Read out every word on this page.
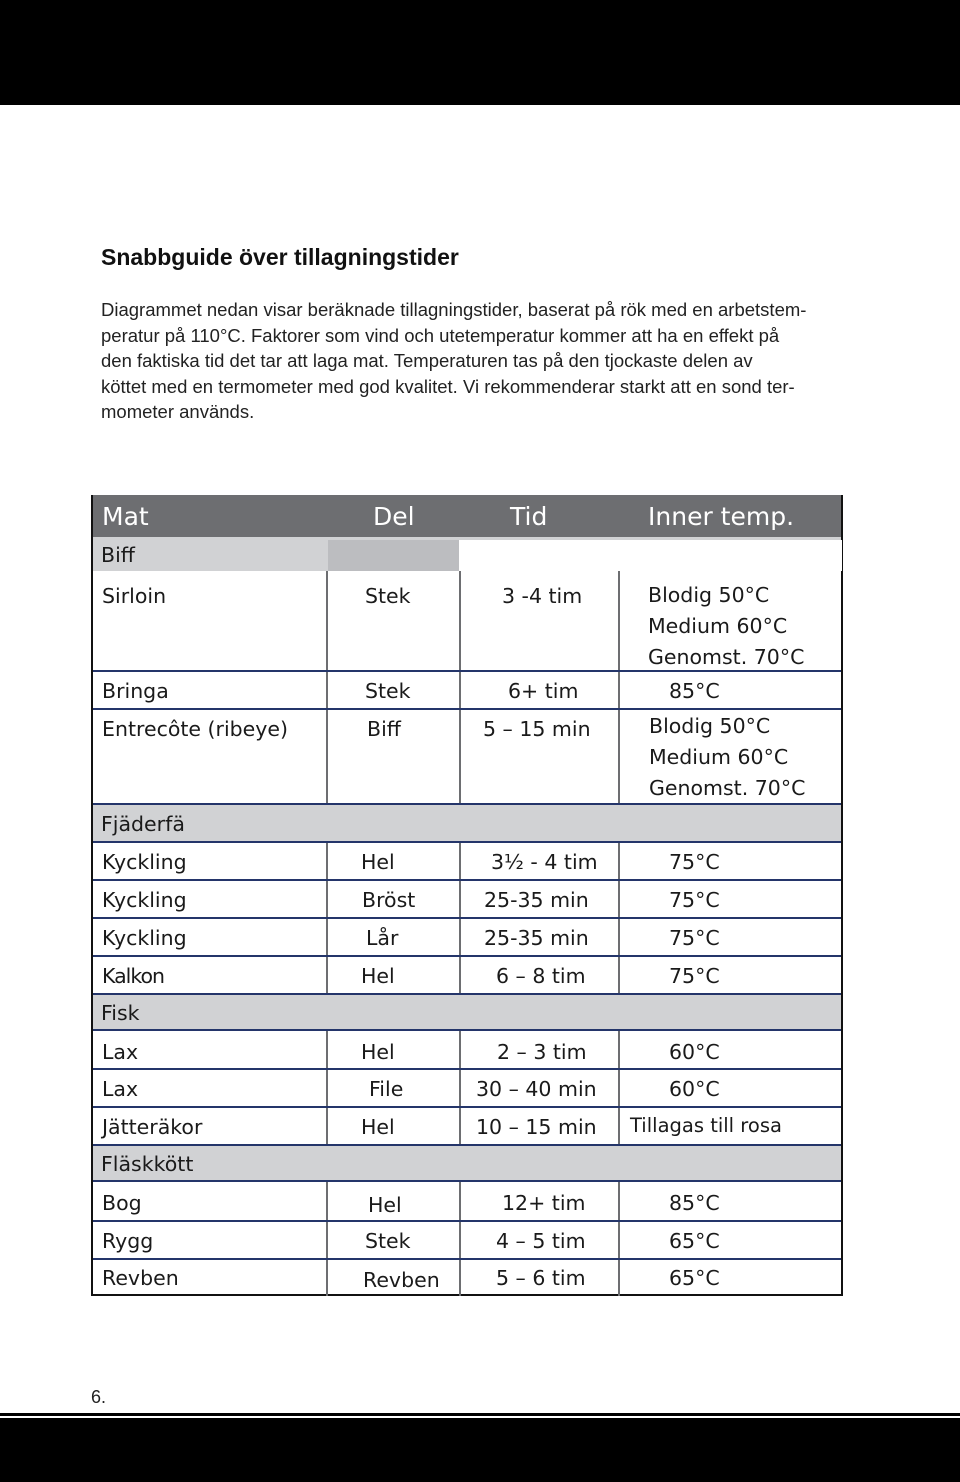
Snabbguide över tillagningstider

Diagrammet nedan visar beräknade tillagningstider, baserat på rök med en arbetstem-
peratur på 110°C. Faktorer som vind och utetemperatur kommer att ha en effekt på
den faktiska tid det tar att laga mat. Temperaturen tas på den tjockaste delen av
köttet med en termometer med god kvalitet. Vi rekommenderar starkt att en sond ter-
mometer används.

Mat	Del	Tid	Inner temp.
Biff
Sirloin	Stek	3 -4 tim	Blodig 50°C
Medium 60°C
Genomst. 70°C
Bringa	Stek	6+ tim	85°C
Entrecôte (ribeye)	Biff	5 – 15 min	Blodig 50°C
Medium 60°C
Genomst. 70°C
Fjäderfä
Kyckling	Hel	3½ - 4 tim	75°C
Kyckling	Bröst	25-35 min	75°C
Kyckling	Lår	25-35 min	75°C
Kalkon	Hel	6 – 8 tim	75°C
Fisk
Lax	Hel	2 – 3 tim	60°C
Lax	File	30 – 40 min	60°C
Jätteräkor	Hel	10 – 15 min Tillagas till rosa
Fläskkött
Bog	Hel	12+ tim	85°C
Rygg	Stek	4 – 5 tim	65°C
Revben	Revben	5 – 6 tim	65°C
6.
